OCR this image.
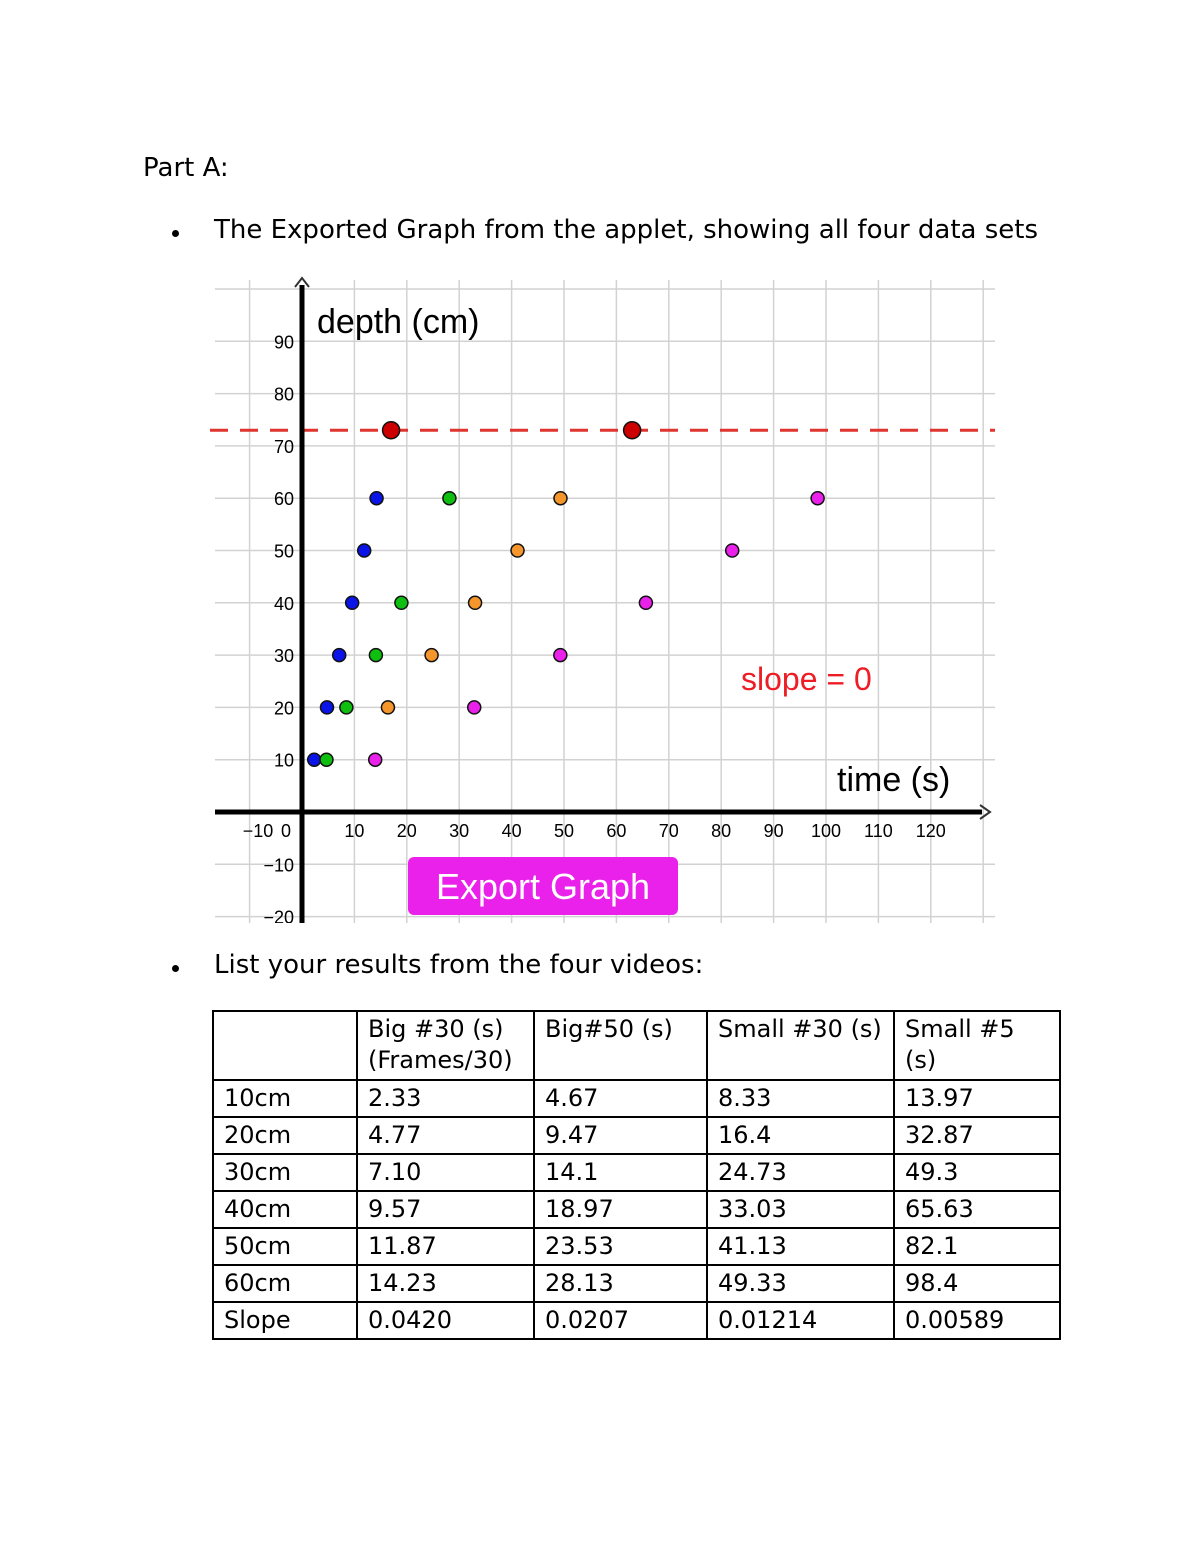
Part A:
The Exported Graph from the applet, showing all four data sets
10 20 30 40 50 60 70 80 90 100 110 120
−10 0
90
80
70
60
50
40
30
20
10
−10
−20
depth (cm)
time (s)
slope = 0
Export Graph
List your results from the four videos:
	Big #30 (s) (Frames/30)	Big#50 (s)	Small #30 (s)	Small #5 (s)
10cm	2.33	4.67	8.33	13.97
20cm	4.77	9.47	16.4	32.87
30cm	7.10	14.1	24.73	49.3
40cm	9.57	18.97	33.03	65.63
50cm	11.87	23.53	41.13	82.1
60cm	14.23	28.13	49.33	98.4
Slope	0.0420	0.0207	0.01214	0.00589
